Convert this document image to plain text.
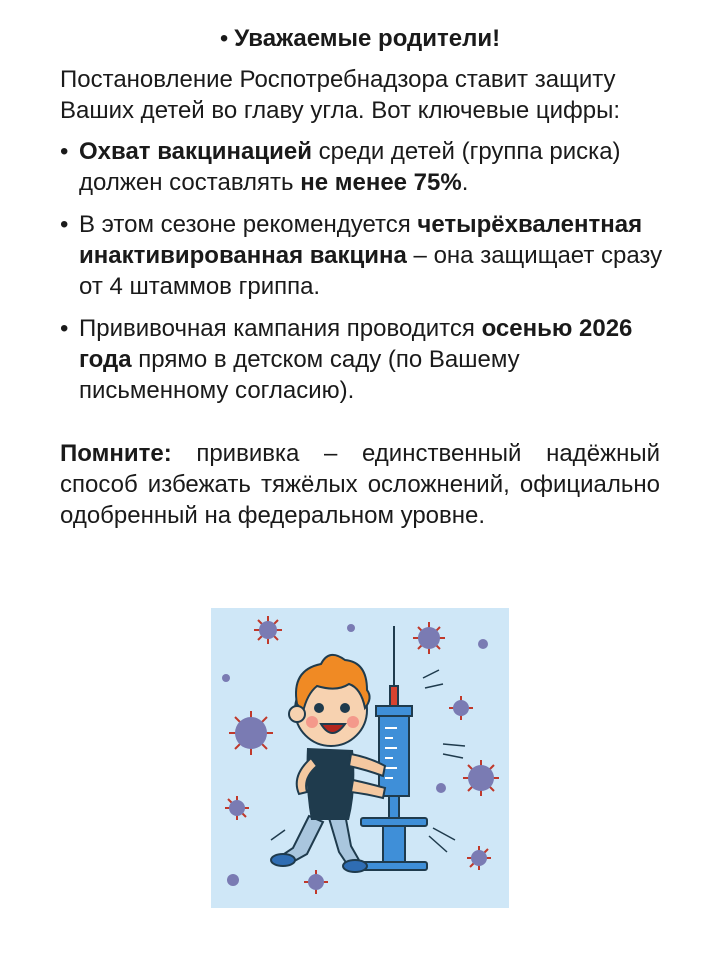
• Уважаемые родители!
Постановление Роспотребнадзора ставит защиту Ваших детей во главу угла. Вот ключевые цифры:
• Охват вакцинацией среди детей (группа риска) должен составлять не менее 75%.
• В этом сезоне рекомендуется четырёхвалентная инактивированная вакцина – она защищает сразу от 4 штаммов гриппа.
• Прививочная кампания проводится осенью 2026 года прямо в детском саду (по Вашему письменному согласию).
Помните: прививка – единственный надёжный способ избежать тяжёлых осложнений, официально одобренный на федеральном уровне.
